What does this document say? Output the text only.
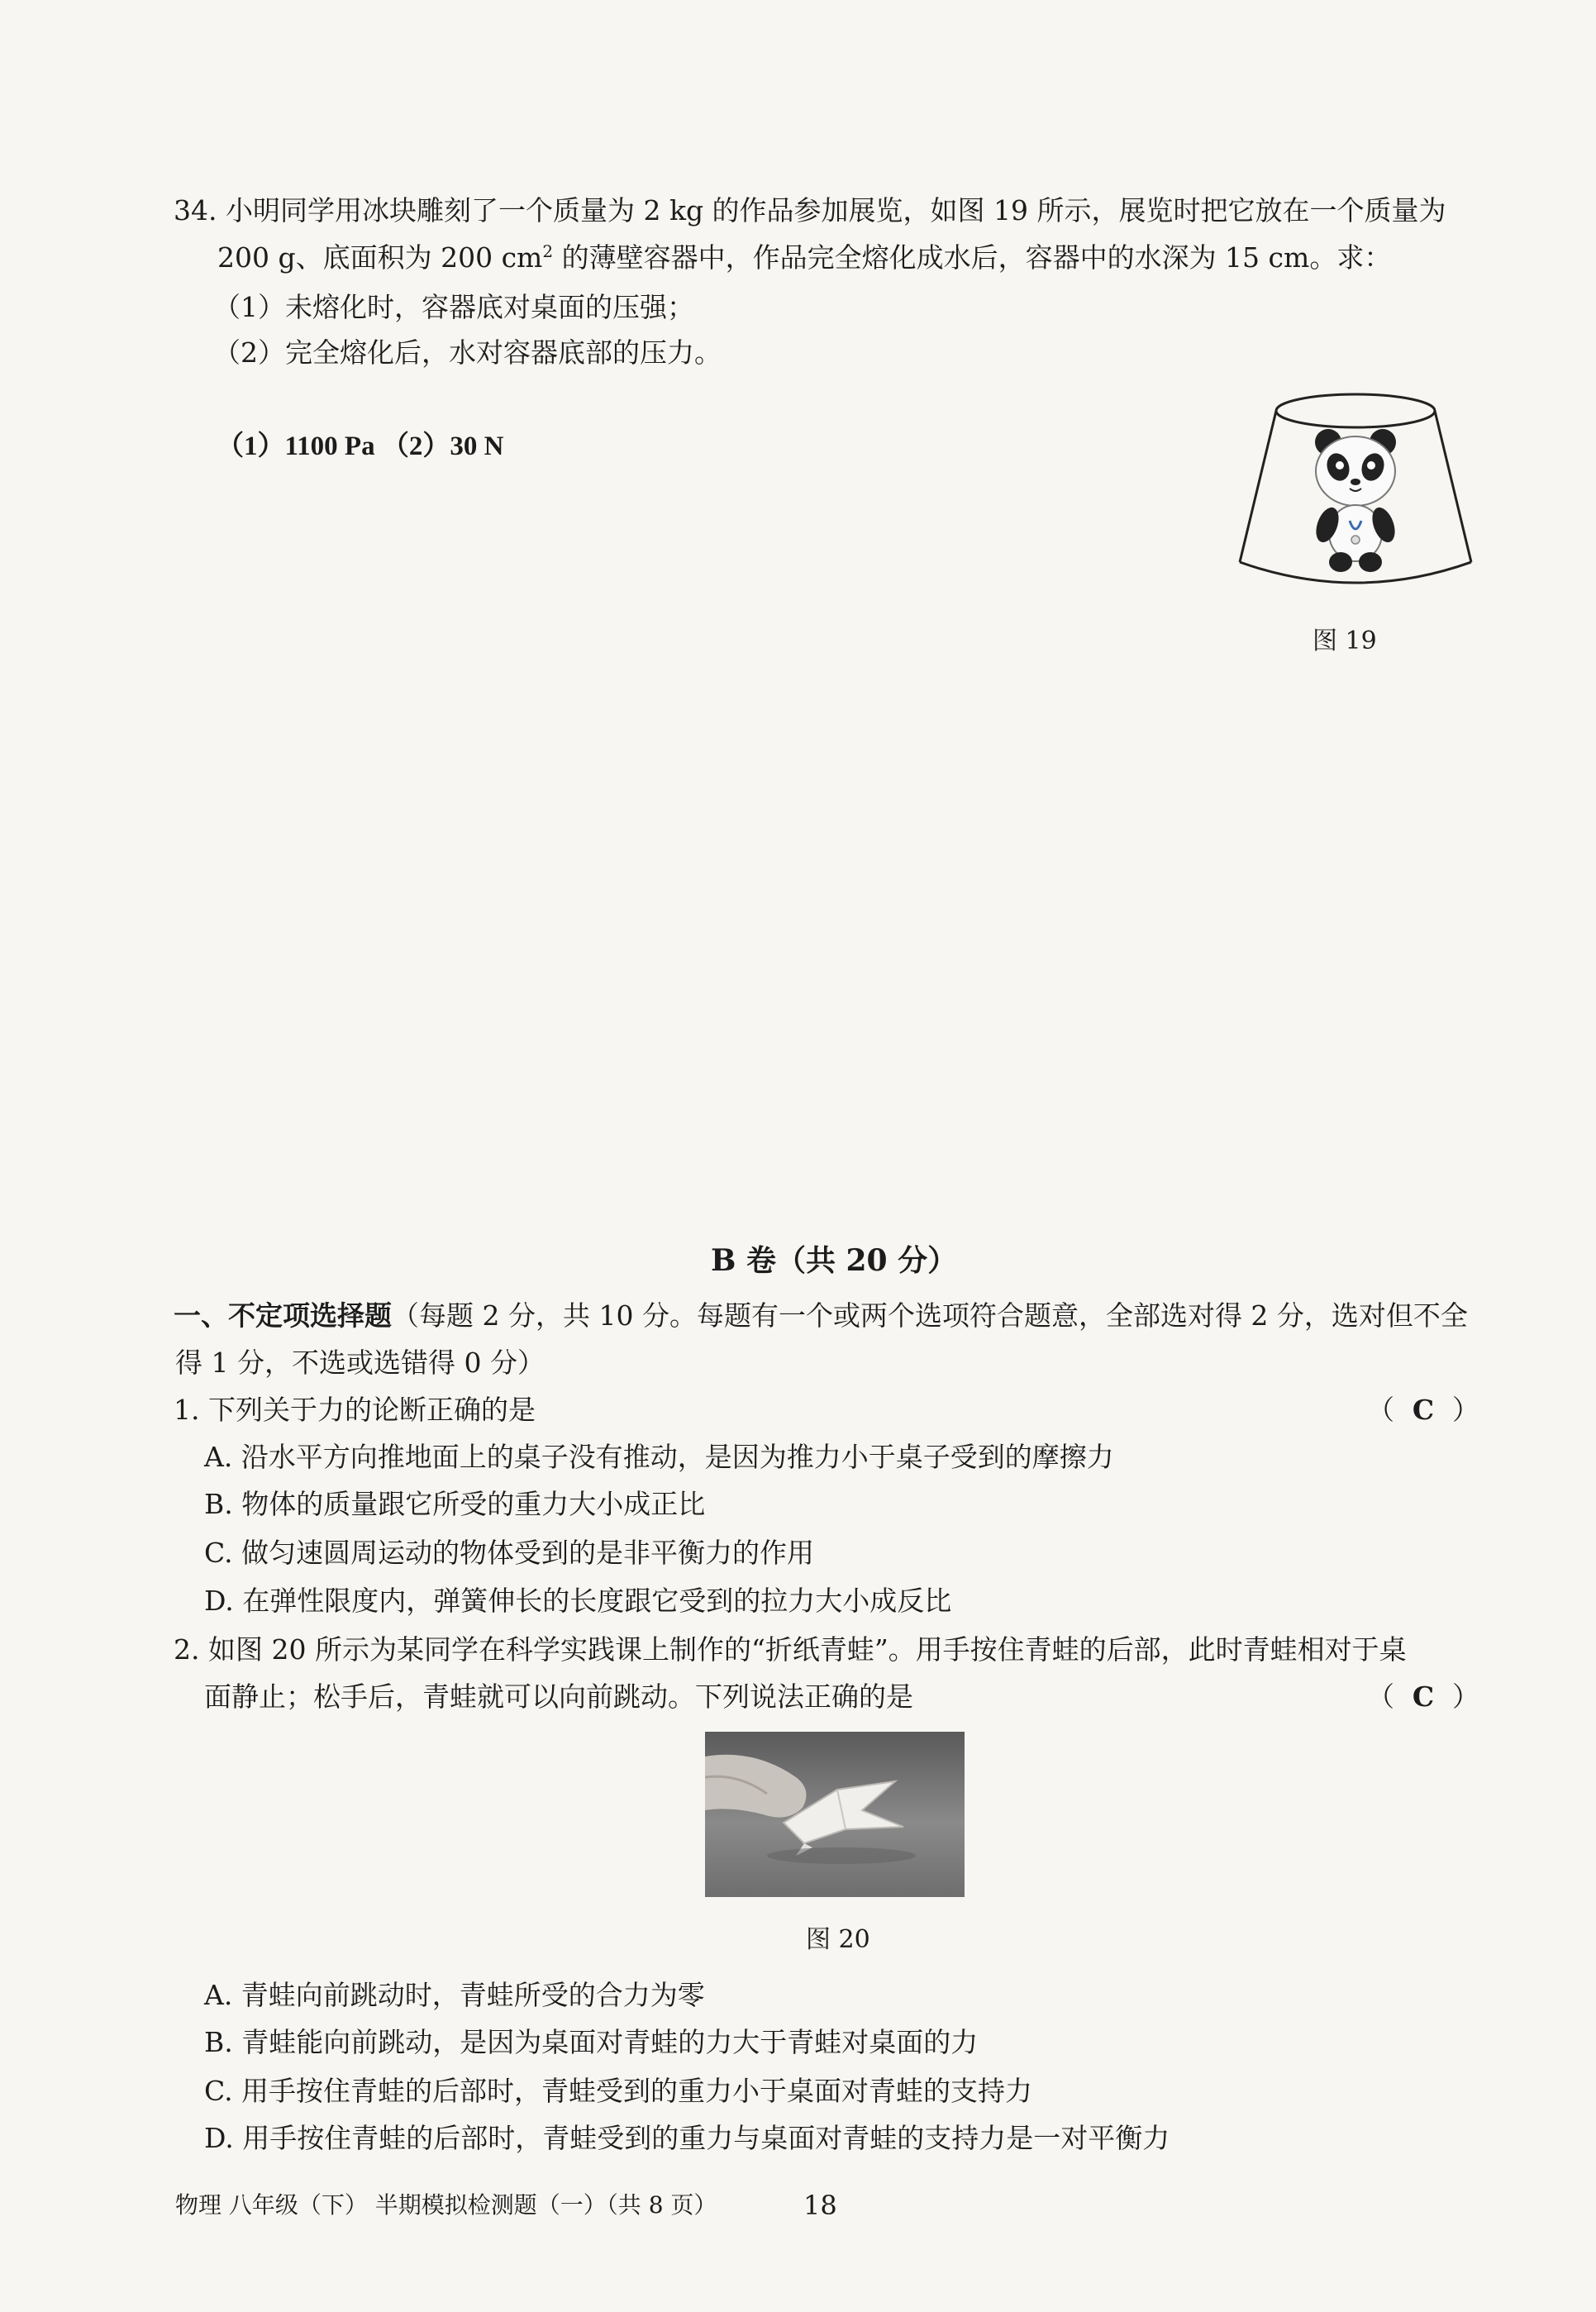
34. 小明同学用冰块雕刻了一个质量为 2 kg 的作品参加展览，如图 19 所示，展览时把它放在一个质量为
200 g、底面积为 200 $cm^2$ 的薄壁容器中，作品完全熔化成水后，容器中的水深为 15 cm。求：
（1）未熔化时，容器底对桌面的压强；
（2）完全熔化后，水对容器底部的压力。
（1）1100 Pa （2）30 N
图 19
B 卷（共 20 分）
一、不定项选择题（每题 2 分，共 10 分。每题有一个或两个选项符合题意，全部选对得 2 分，选对但不全
得 1 分，不选或选错得 0 分）
1. 下列关于力的论断正确的是	（ C ）
A. 沿水平方向推地面上的桌子没有推动，是因为推力小于桌子受到的摩擦力
B. 物体的质量跟它所受的重力大小成正比
C. 做匀速圆周运动的物体受到的是非平衡力的作用
D. 在弹性限度内，弹簧伸长的长度跟它受到的拉力大小成反比
2. 如图 20 所示为某同学在科学实践课上制作的“折纸青蛙”。用手按住青蛙的后部，此时青蛙相对于桌
面静止；松手后，青蛙就可以向前跳动。下列说法正确的是	（ C ）
图 20
A. 青蛙向前跳动时，青蛙所受的合力为零
B. 青蛙能向前跳动，是因为桌面对青蛙的力大于青蛙对桌面的力
C. 用手按住青蛙的后部时，青蛙受到的重力小于桌面对青蛙的支持力
D. 用手按住青蛙的后部时，青蛙受到的重力与桌面对青蛙的支持力是一对平衡力
物理 八年级（下） 半期模拟检测题（一）（共 8 页）	18
